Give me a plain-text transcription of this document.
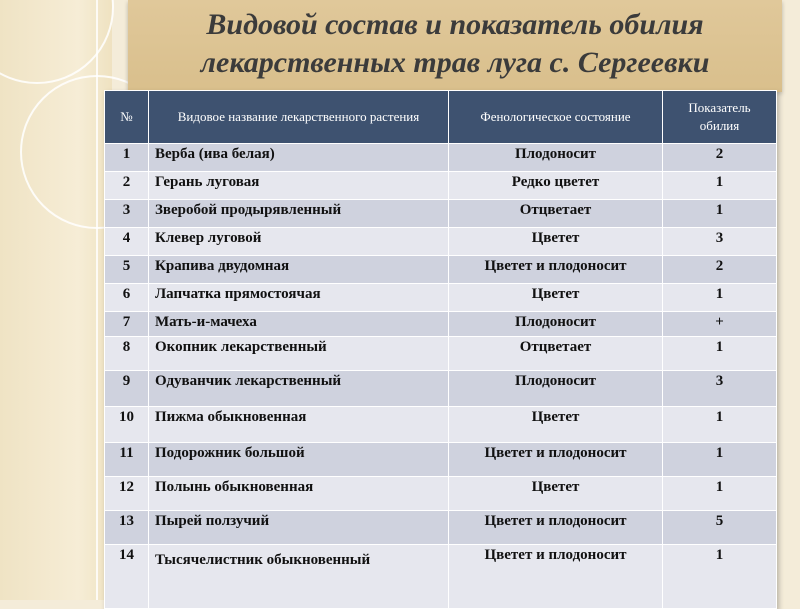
Видовой состав и показатель обилия
лекарственных трав луга с. Сергеевки
№	Видовое название лекарственного растения	Фенологическое состояние	Показатель обилия
1	Верба (ива белая)	Плодоносит	2
2	Герань луговая	Редко цветет	1
3	Зверобой продырявленный	Отцветает	1
4	Клевер луговой	Цветет	3
5	Крапива двудомная	Цветет и плодоносит	2
6	Лапчатка прямостоячая	Цветет	1
7	Мать-и-мачеха	Плодоносит	+
8	Окопник лекарственный	Отцветает	1
9	Одуванчик лекарственный	Плодоносит	3
10	Пижма обыкновенная	Цветет	1
11	Подорожник большой	Цветет и плодоносит	1
12	Полынь обыкновенная	Цветет	1
13	Пырей ползучий	Цветет и плодоносит	5
14	Тысячелистник обыкновенный	Цветет и плодоносит	1
